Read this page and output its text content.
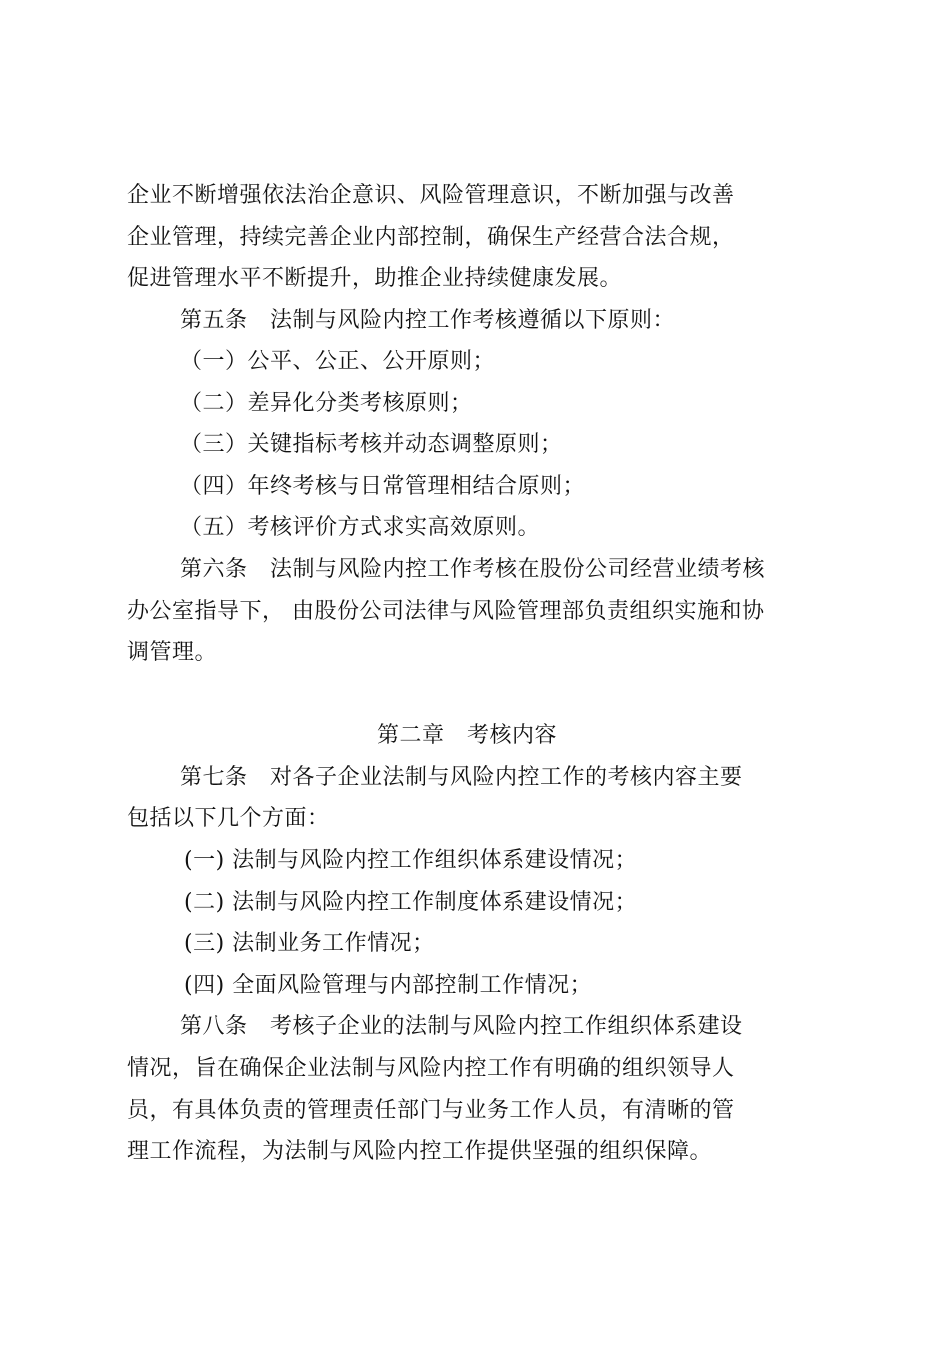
企业不断增强依法治企意识、风险管理意识，不断加强与改善
企业管理，持续完善企业内部控制，确保生产经营合法合规，
促进管理水平不断提升，助推企业持续健康发展。
第五条　法制与风险内控工作考核遵循以下原则：
（一）公平、公正、公开原则；
（二）差异化分类考核原则；
（三）关键指标考核并动态调整原则；
（四）年终考核与日常管理相结合原则；
（五）考核评价方式求实高效原则。
第六条　法制与风险内控工作考核在股份公司经营业绩考核
办公室指导下， 由股份公司法律与风险管理部负责组织实施和协
调管理。
第二章　考核内容
第七条　对各子企业法制与风险内控工作的考核内容主要
包括以下几个方面：
(一) 法制与风险内控工作组织体系建设情况；
(二) 法制与风险内控工作制度体系建设情况；
(三) 法制业务工作情况；
(四) 全面风险管理与内部控制工作情况；
第八条　考核子企业的法制与风险内控工作组织体系建设
情况，旨在确保企业法制与风险内控工作有明确的组织领导人
员，有具体负责的管理责任部门与业务工作人员，有清晰的管
理工作流程，为法制与风险内控工作提供坚强的组织保障。
